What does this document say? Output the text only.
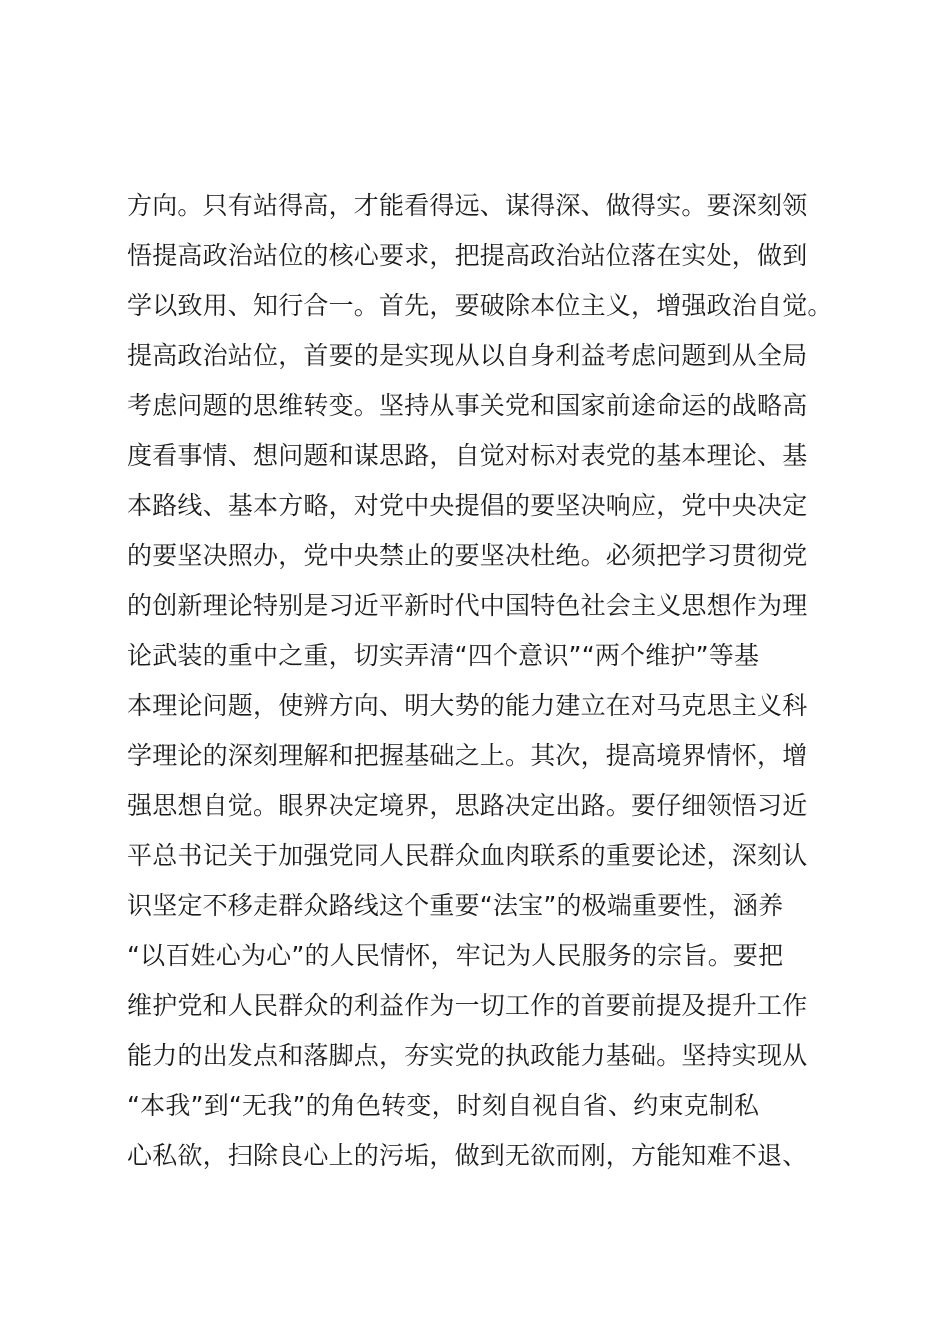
方向。只有站得高，才能看得远、谋得深、做得实。要深刻领
悟提高政治站位的核心要求，把提高政治站位落在实处，做到
学以致用、知行合一。首先，要破除本位主义，增强政治自觉。
提高政治站位，首要的是实现从以自身利益考虑问题到从全局
考虑问题的思维转变。坚持从事关党和国家前途命运的战略高
度看事情、想问题和谋思路，自觉对标对表党的基本理论、基
本路线、基本方略，对党中央提倡的要坚决响应，党中央决定
的要坚决照办，党中央禁止的要坚决杜绝。必须把学习贯彻党
的创新理论特别是习近平新时代中国特色社会主义思想作为理
论武装的重中之重，切实弄清“四个意识”“两个维护”等基
本理论问题，使辨方向、明大势的能力建立在对马克思主义科
学理论的深刻理解和把握基础之上。其次，提高境界情怀，增
强思想自觉。眼界决定境界，思路决定出路。要仔细领悟习近
平总书记关于加强党同人民群众血肉联系的重要论述，深刻认
识坚定不移走群众路线这个重要“法宝”的极端重要性，涵养
“以百姓心为心”的人民情怀，牢记为人民服务的宗旨。要把
维护党和人民群众的利益作为一切工作的首要前提及提升工作
能力的出发点和落脚点，夯实党的执政能力基础。坚持实现从
“本我”到“无我”的角色转变，时刻自视自省、约束克制私
心私欲，扫除良心上的污垢，做到无欲而刚，方能知难不退、
